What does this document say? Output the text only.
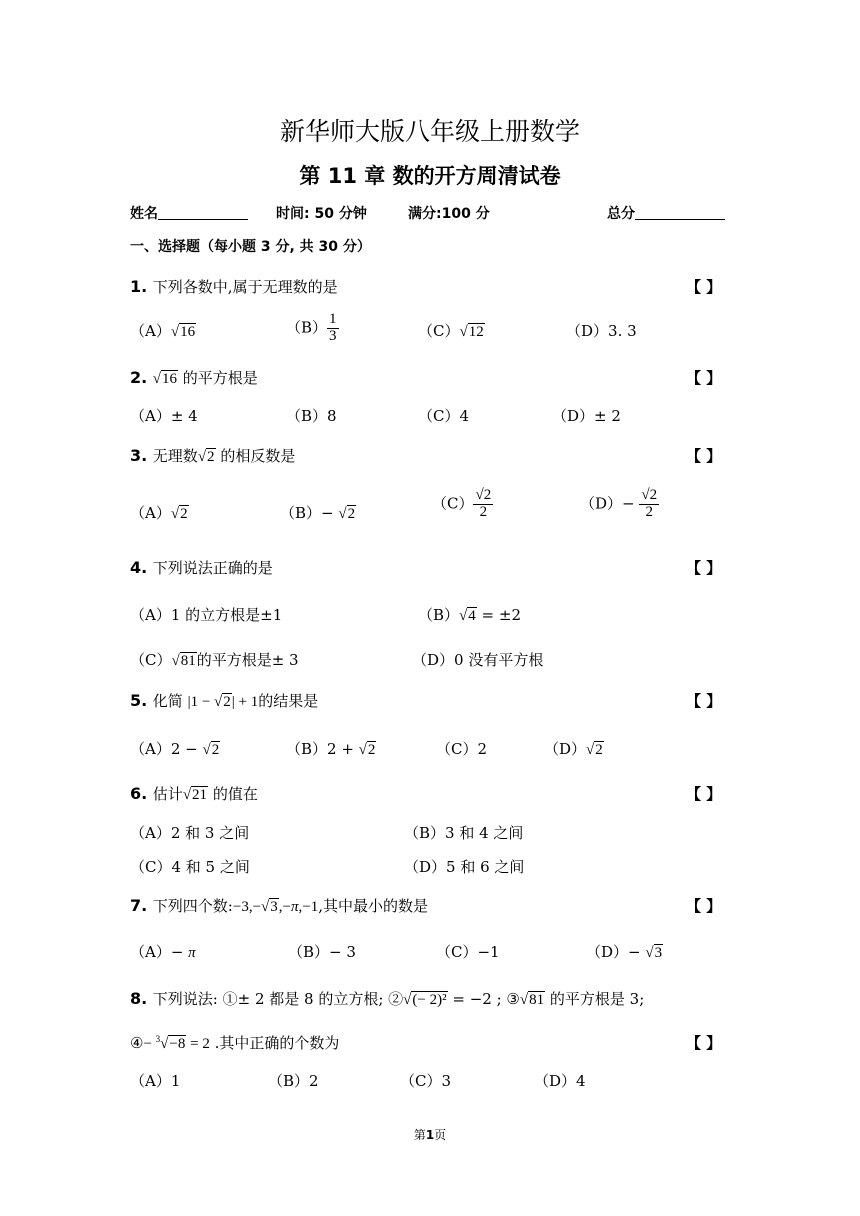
新华师大版八年级上册数学
第 11 章 数的开方周清试卷
姓名	时间: 50 分钟	满分:100 分	总分
一、选择题（每小题 3 分, 共 30 分）
1. 下列各数中,属于无理数的是	【 】
（A）√16	$(B) \frac{1}{3}$	（C）√12	（D）3. 3
2. √16 的平方根是	【 】
（A）± 4	（B）8	（C）4	（D）± 2
3. 无理数√2 的相反数是	【 】
（A）√2	（B）− √2
$(C) \frac{√2}{2}$	$(D)- \frac{√2}{2}$
4. 下列说法正确的是	【 】
（A）1 的立方根是±1	（B）√4 = ±2
（C）√81的平方根是± 3	（D）0 没有平方根
5. 化简 |1 − √2| + 1的结果是	【 】
（A）2 − √2	（B）2 + √2	（C）2	（D）√2
6. 估计√21 的值在	【 】
（A）2 和 3 之间	（B）3 和 4 之间
（C）4 和 5 之间	（D）5 和 6 之间
7. 下列四个数:−3,−√3,−π,−1,其中最小的数是	【 】
（A）− π	（B）− 3	（C）−1	（D）− √3
8. 下列说法: ①± 2 都是 8 的立方根; ②√(− 2)² = −2 ; ③√81 的平方根是 3;
④− $^3$√−8 = 2 .其中正确的个数为	【 】
（A）1	（B）2	（C）3	（D）4
第1页
